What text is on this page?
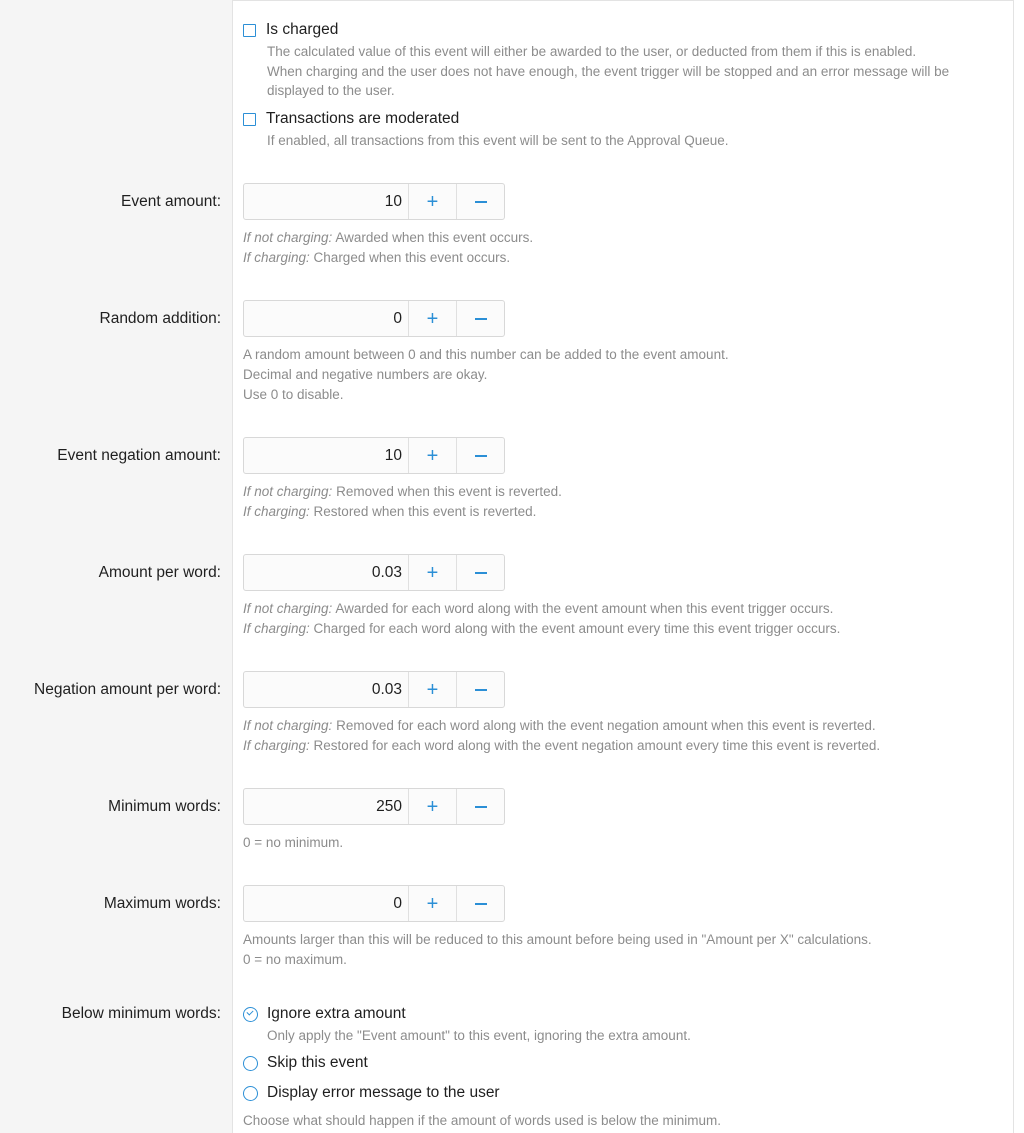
Is charged
The calculated value of this event will either be awarded to the user, or deducted from them if this is enabled.
When charging and the user does not have enough, the event trigger will be stopped and an error message will be
displayed to the user.
Transactions are moderated
If enabled, all transactions from this event will be sent to the Approval Queue.
Event amount:
10	+
If not charging: Awarded when this event occurs.
If charging: Charged when this event occurs.
Random addition:
0	+
A random amount between 0 and this number can be added to the event amount.
Decimal and negative numbers are okay.
Use 0 to disable.
Event negation amount:
10	+
If not charging: Removed when this event is reverted.
If charging: Restored when this event is reverted.
Amount per word:
0.03	+
If not charging: Awarded for each word along with the event amount when this event trigger occurs.
If charging: Charged for each word along with the event amount every time this event trigger occurs.
Negation amount per word:
0.03	+
If not charging: Removed for each word along with the event negation amount when this event is reverted.
If charging: Restored for each word along with the event negation amount every time this event is reverted.
Minimum words:
250	+
0 = no minimum.
Maximum words:
0	+
Amounts larger than this will be reduced to this amount before being used in "Amount per X" calculations.
0 = no maximum.
Below minimum words:	Ignore extra amount
Only apply the "Event amount" to this event, ignoring the extra amount.
Skip this event
Display error message to the user
Choose what should happen if the amount of words used is below the minimum.
